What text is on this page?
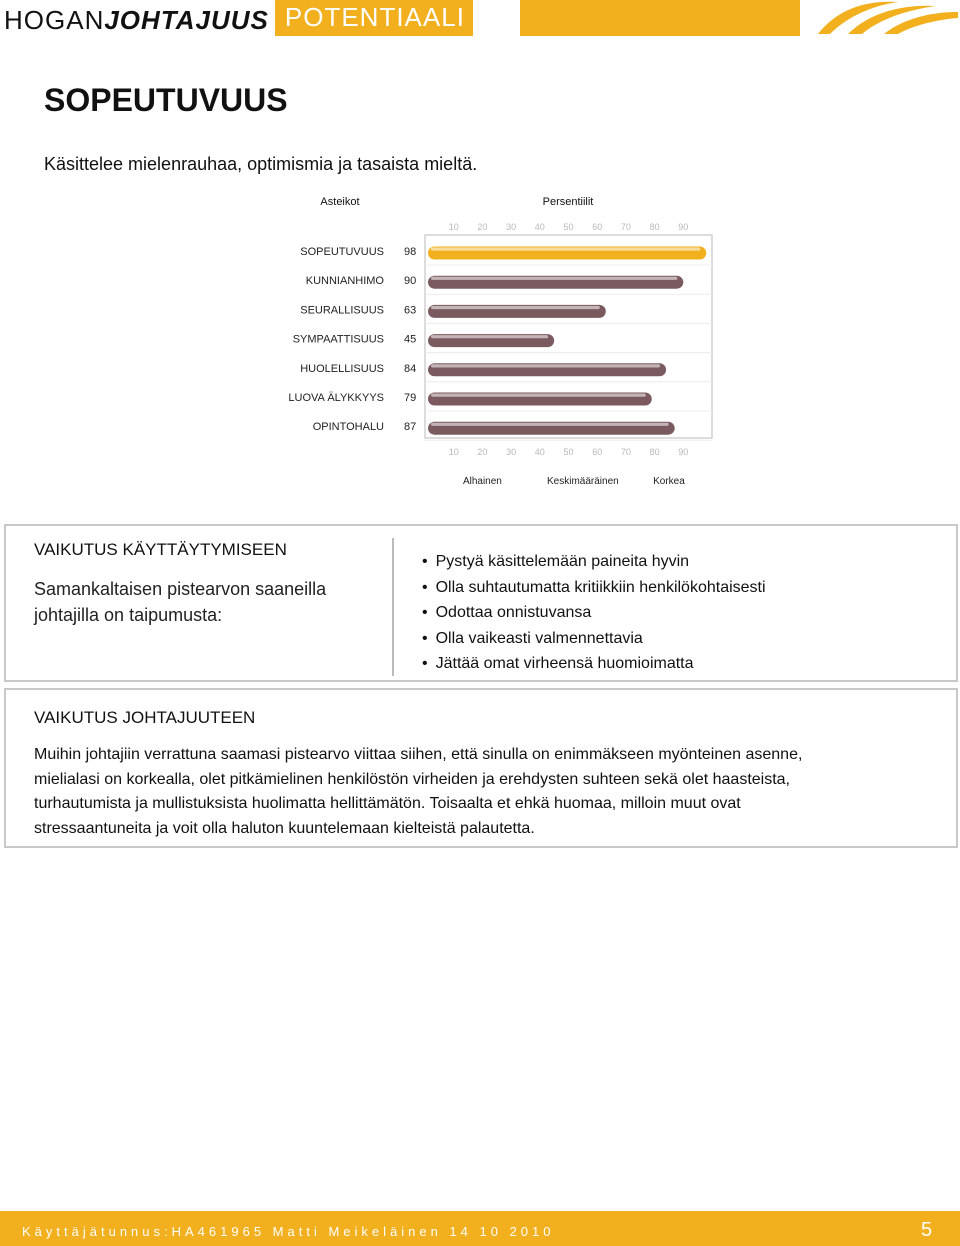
HOGANJOHTAJUUS POTENTIAALI
SOPEUTUVUUS
Käsittelee mielenrauhaa, optimismia ja tasaista mieltä.
Asteikot	Persentiilit
10
10
20
20
30
30
40
40
50
50
60
60
70
70
80
80
90
90
Alhainen	Keskimääräinen	Korkea
SOPEUTUVUUS 98
KUNNIANHIMO 90
SEURALLISUUS 63
SYMPAATTISUUS 45
HUOLELLISUUS 84
LUOVA ÄLYKKYYS 79
OPINTOHALU 87
VAIKUTUS KÄYTTÄYTYMISEEN
Samankaltaisen pistearvon saaneilla johtajilla on taipumusta:
• Pystyä käsittelemään paineita hyvin
• Olla suhtautumatta kritiikkiin henkilökohtaisesti
• Odottaa onnistuvansa
• Olla vaikeasti valmennettavia
• Jättää omat virheensä huomioimatta
VAIKUTUS JOHTAJUUTEEN
Muihin johtajiin verrattuna saamasi pistearvo viittaa siihen, että sinulla on enimmäkseen myönteinen asenne,
mielialasi on korkealla, olet pitkämielinen henkilöstön virheiden ja erehdysten suhteen sekä olet haasteista,
turhautumista ja mullistuksista huolimatta hellittämätön. Toisaalta et ehkä huomaa, milloin muut ovat
stressaantuneita ja voit olla haluton kuuntelemaan kielteistä palautetta.
Käyttäjätunnus:HA461965 Matti Meikeläinen 14 10 2010	5
